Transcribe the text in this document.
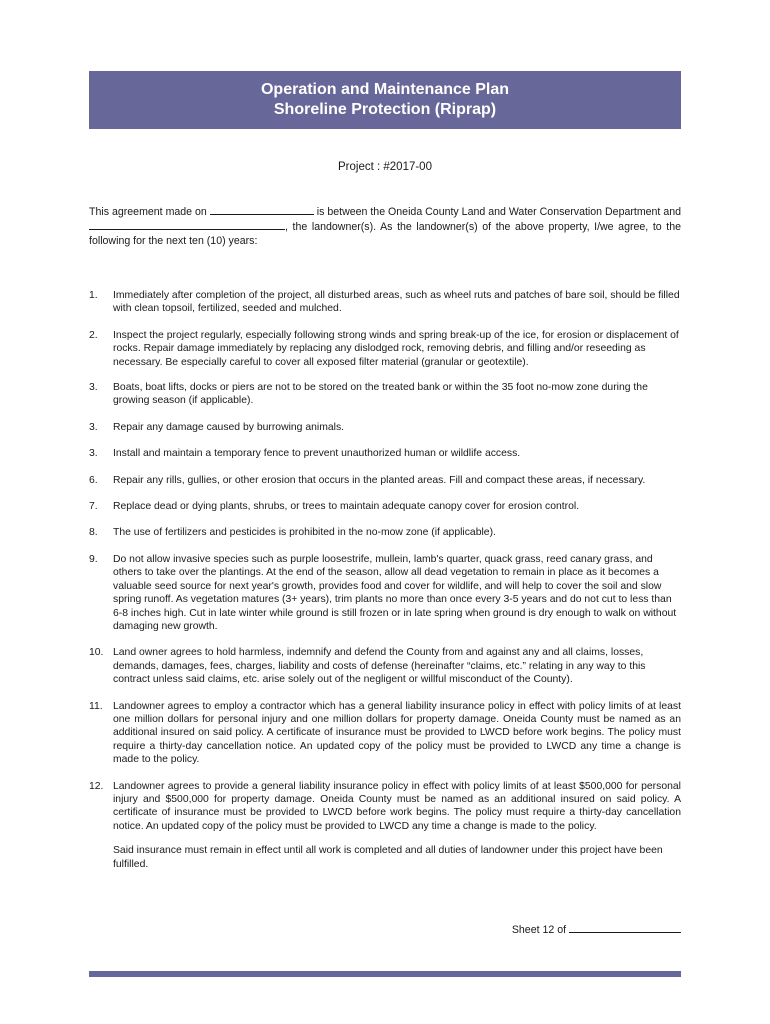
Operation and Maintenance Plan
Shoreline Protection (Riprap)
Project : #2017-00
This agreement made on	is between the Oneida County Land and Water Conservation Department and, the landowner(s). As the landowner(s) of the above property, I/we agree, to the following for the next ten (10) years:
1.	Immediately after completion of the project, all disturbed areas, such as wheel ruts and patches of bare soil, should be filled with clean topsoil, fertilized, seeded and mulched.
2.	Inspect the project regularly, especially following strong winds and spring break-up of the ice, for erosion or displacement of rocks. Repair damage immediately by replacing any dislodged rock, removing debris, and filling and/or reseeding as necessary. Be especially careful to cover all exposed filter material (granular or geotextile).
3.	Boats, boat lifts, docks or piers are not to be stored on the treated bank or within the 35 foot no-mow zone during the growing season (if applicable).
3.	Repair any damage caused by burrowing animals.
3.	Install and maintain a temporary fence to prevent unauthorized human or wildlife access.
6.	Repair any rills, gullies, or other erosion that occurs in the planted areas. Fill and compact these areas, if necessary.
7.	Replace dead or dying plants, shrubs, or trees to maintain adequate canopy cover for erosion control.
8.	The use of fertilizers and pesticides is prohibited in the no-mow zone (if applicable).
9.	Do not allow invasive species such as purple loosestrife, mullein, lamb's quarter, quack grass, reed canary grass, and others to take over the plantings. At the end of the season, allow all dead vegetation to remain in place as it becomes a valuable seed source for next year's growth, provides food and cover for wildlife, and will help to cover the soil and slow spring runoff. As vegetation matures (3+ years), trim plants no more than once every 3-5 years and do not cut to less than 6-8 inches high. Cut in late winter while ground is still frozen or in late spring when ground is dry enough to walk on without damaging new growth.
10. Land owner agrees to hold harmless, indemnify and defend the County from and against any and all claims, losses, demands, damages, fees, charges, liability and costs of defense (hereinafter “claims, etc.” relating in any way to this contract unless said claims, etc. arise solely out of the negligent or willful misconduct of the County).
11. Landowner agrees to employ a contractor which has a general liability insurance policy in effect with policy limits of at least one million dollars for personal injury and one million dollars for property damage. Oneida County must be named as an additional insured on said policy. A certificate of insurance must be provided to LWCD before work begins. The policy must require a thirty-day cancellation notice. An updated copy of the policy must be provided to LWCD any time a change is made to the policy.
12. Landowner agrees to provide a general liability insurance policy in effect with policy limits of at least $500,000 for personal injury and $500,000 for property damage. Oneida County must be named as an additional insured on said policy. A certificate of insurance must be provided to LWCD before work begins. The policy must require a thirty-day cancellation notice. An updated copy of the policy must be provided to LWCD any time a change is made to the policy.
Said insurance must remain in effect until all work is completed and all duties of landowner under this project have been fulfilled.
Sheet 12 of
